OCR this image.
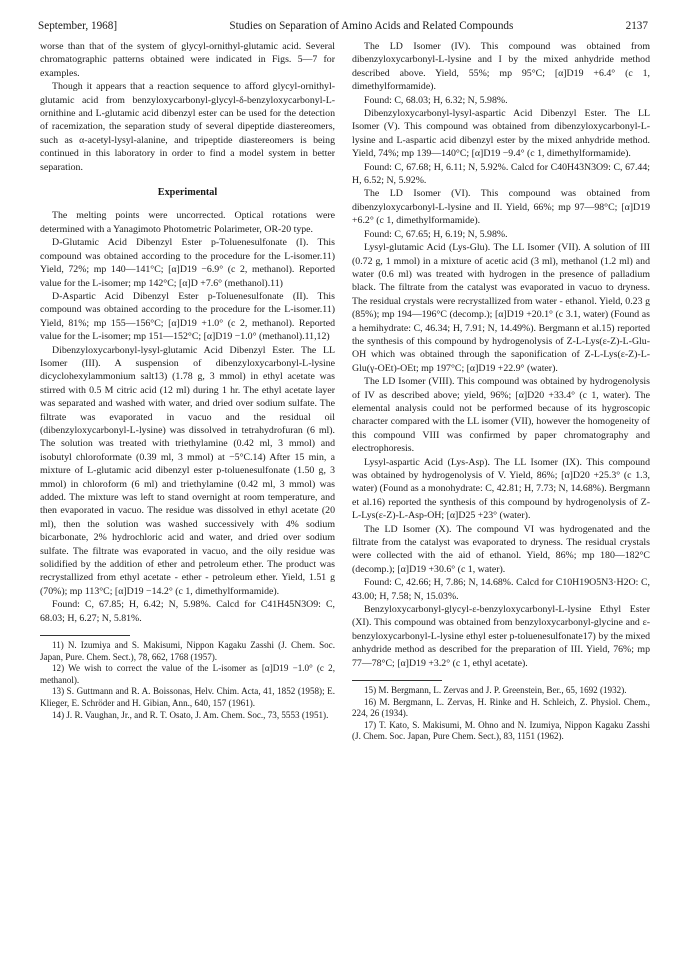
September, 1968]	Studies on Separation of Amino Acids and Related Compounds	2137

worse than that of the system of glycyl-ornithyl-glutamic acid. Several chromatographic patterns obtained were indicated in Figs. 5—7 for examples.

Though it appears that a reaction sequence to afford glycyl-ornithyl-glutamic acid from benzyloxycarbonyl-glycyl-δ-benzyloxycarbonyl-L-ornithine and L-glutamic acid dibenzyl ester can be used for the detection of racemization, the separation study of several dipeptide diastereomers, such as α-acetyl-lysyl-alanine, and tripeptide diastereomers is being continued in this laboratory in order to find a model system in better separation.

Experimental

The melting points were uncorrected. Optical rotations were determined with a Yanagimoto Photometric Polarimeter, OR-20 type.

D-Glutamic Acid Dibenzyl Ester p-Toluenesulfonate (I). This compound was obtained according to the procedure for the L-isomer.11) Yield, 72%; mp 140—141°C; [α]D19 −6.9° (c 2, methanol). Reported value for the L-isomer; mp 142°C; [α]D +7.6° (methanol).11)

D-Aspartic Acid Dibenzyl Ester p-Toluenesulfonate (II). This compound was obtained according to the procedure for the L-isomer.11) Yield, 81%; mp 155—156°C; [α]D19 +1.0° (c 2, methanol). Reported value for the L-isomer; mp 151—152°C; [α]D19 −1.0° (methanol).11,12)

Dibenzyloxycarbonyl-lysyl-glutamic Acid Dibenzyl Ester. The LL Isomer (III). A suspension of dibenzyloxycarbonyl-L-lysine dicyclohexylammonium salt13) (1.78 g, 3 mmol) in ethyl acetate was stirred with 0.5 M citric acid (12 ml) during 1 hr. The ethyl acetate layer was separated and washed with water, and dried over sodium sulfate. The filtrate was evaporated in vacuo and the residual oil (dibenzyloxycarbonyl-L-lysine) was dissolved in tetrahydrofuran (6 ml). The solution was treated with triethylamine (0.42 ml, 3 mmol) and isobutyl chloroformate (0.39 ml, 3 mmol) at −5°C.14) After 15 min, a mixture of L-glutamic acid dibenzyl ester p-toluenesulfonate (1.50 g, 3 mmol) in chloroform (6 ml) and triethylamine (0.42 ml, 3 mmol) was added. The mixture was left to stand overnight at room temperature, and then evaporated in vacuo. The residue was dissolved in ethyl acetate (20 ml), then the solution was washed successively with 4% sodium bicarbonate, 2% hydrochloric acid and water, and dried over sodium sulfate. The filtrate was evaporated in vacuo, and the oily residue was solidified by the addition of ether and petroleum ether. The product was recrystallized from ethyl acetate - ether - petroleum ether. Yield, 1.51 g (70%); mp 113°C; [α]D19 −14.2° (c 1, dimethylformamide).

Found: C, 67.85; H, 6.42; N, 5.98%. Calcd for C41H45N3O9: C, 68.03; H, 6.27; N, 5.81%.

11) N. Izumiya and S. Makisumi, Nippon Kagaku Zasshi (J. Chem. Soc. Japan, Pure. Chem. Sect.), 78, 662, 1768 (1957).

12) We wish to correct the value of the L-isomer as [α]D19 −1.0° (c 2, methanol).

13) S. Guttmann and R. A. Boissonas, Helv. Chim. Acta, 41, 1852 (1958); E. Klieger, E. Schröder and H. Gibian, Ann., 640, 157 (1961).

14) J. R. Vaughan, Jr., and R. T. Osato, J. Am. Chem. Soc., 73, 5553 (1951).

The LD Isomer (IV). This compound was obtained from dibenzyloxycarbonyl-L-lysine and I by the mixed anhydride method described above. Yield, 55%; mp 95°C; [α]D19 +6.4° (c 1, dimethylformamide).

Found: C, 68.03; H, 6.32; N, 5.98%.

Dibenzyloxycarbonyl-lysyl-aspartic Acid Dibenzyl Ester. The LL Isomer (V). This compound was obtained from dibenzyloxycarbonyl-L-lysine and L-aspartic acid dibenzyl ester by the mixed anhydride method. Yield, 74%; mp 139—140°C; [α]D19 −9.4° (c 1, dimethylformamide).

Found: C, 67.68; H, 6.11; N, 5.92%. Calcd for C40H43N3O9: C, 67.44; H, 6.52; N, 5.92%.

The LD Isomer (VI). This compound was obtained from dibenzyloxycarbonyl-L-lysine and II. Yield, 66%; mp 97—98°C; [α]D19 +6.2° (c 1, dimethylformamide).

Found: C, 67.65; H, 6.19; N, 5.98%.

Lysyl-glutamic Acid (Lys-Glu). The LL Isomer (VII). A solution of III (0.72 g, 1 mmol) in a mixture of acetic acid (3 ml), methanol (1.2 ml) and water (0.6 ml) was treated with hydrogen in the presence of palladium black. The filtrate from the catalyst was evaporated in vacuo to dryness. The residual crystals were recrystallized from water - ethanol. Yield, 0.23 g (85%); mp 194—196°C (decomp.); [α]D19 +20.1° (c 3.1, water) (Found as a hemihydrate: C, 46.34; H, 7.91; N, 14.49%). Bergmann et al.15) reported the synthesis of this compound by hydrogenolysis of Z-L-Lys(ε-Z)-L-Glu-OH which was obtained through the saponification of Z-L-Lys(ε-Z)-L-Glu(γ-OEt)-OEt; mp 197°C; [α]D19 +22.9° (water).

The LD Isomer (VIII). This compound was obtained by hydrogenolysis of IV as described above; yield, 96%; [α]D20 +33.4° (c 1, water). The elemental analysis could not be performed because of its hygroscopic character compared with the LL isomer (VII), however the homogeneity of this compound VIII was confirmed by paper chromatography and electrophoresis.

Lysyl-aspartic Acid (Lys-Asp). The LL Isomer (IX). This compound was obtained by hydrogenolysis of V. Yield, 86%; [α]D20 +25.3° (c 1.3, water) (Found as a monohydrate: C, 42.81; H, 7.73; N, 14.68%). Bergmann et al.16) reported the synthesis of this compound by hydrogenolysis of Z-L-Lys(ε-Z)-L-Asp-OH; [α]D25 +23° (water).

The LD Isomer (X). The compound VI was hydrogenated and the filtrate from the catalyst was evaporated to dryness. The residual crystals were collected with the aid of ethanol. Yield, 86%; mp 180—182°C (decomp.); [α]D19 +30.6° (c 1, water).

Found: C, 42.66; H, 7.86; N, 14.68%. Calcd for C10H19O5N3·H2O: C, 43.00; H, 7.58; N, 15.03%.

Benzyloxycarbonyl-glycyl-ε-benzyloxycarbonyl-L-lysine Ethyl Ester (XI). This compound was obtained from benzyloxycarbonyl-glycine and ε-benzyloxycarbonyl-L-lysine ethyl ester p-toluenesulfonate17) by the mixed anhydride method as described for the preparation of III. Yield, 76%; mp 77—78°C; [α]D19 +3.2° (c 1, ethyl acetate).

15) M. Bergmann, L. Zervas and J. P. Greenstein, Ber., 65, 1692 (1932).

16) M. Bergmann, L. Zervas, H. Rinke and H. Schleich, Z. Physiol. Chem., 224, 26 (1934).

17) T. Kato, S. Makisumi, M. Ohno and N. Izumiya, Nippon Kagaku Zasshi (J. Chem. Soc. Japan, Pure Chem. Sect.), 83, 1151 (1962).
